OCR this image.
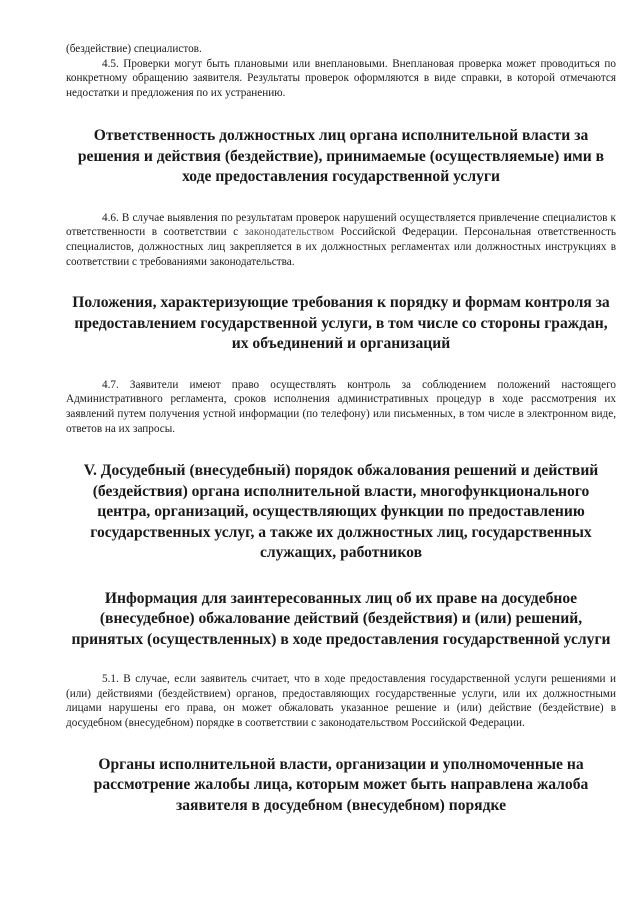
(бездействие) специалистов.

4.5. Проверки могут быть плановыми или внеплановыми. Внеплановая проверка может проводиться по конкретному обращению заявителя. Результаты проверок оформляются в виде справки, в которой отмечаются недостатки и предложения по их устранению.

Ответственность должностных лиц органа исполнительной власти за решения и действия (бездействие), принимаемые (осуществляемые) ими в ходе предоставления государственной услуги

4.6. В случае выявления по результатам проверок нарушений осуществляется привлечение специалистов к ответственности в соответствии с законодательством Российской Федерации. Персональная ответственность специалистов, должностных лиц закрепляется в их должностных регламентах или должностных инструкциях в соответствии с требованиями законодательства.

Положения, характеризующие требования к порядку и формам контроля за предоставлением государственной услуги, в том числе со стороны граждан, их объединений и организаций

4.7. Заявители имеют право осуществлять контроль за соблюдением положений настоящего Административного регламента, сроков исполнения административных процедур в ходе рассмотрения их заявлений путем получения устной информации (по телефону) или письменных, в том числе в электронном виде, ответов на их запросы.

V. Досудебный (внесудебный) порядок обжалования решений и действий (бездействия) органа исполнительной власти, многофункционального центра, организаций, осуществляющих функции по предоставлению государственных услуг, а также их должностных лиц, государственных служащих, работников

Информация для заинтересованных лиц об их праве на досудебное (внесудебное) обжалование действий (бездействия) и (или) решений, принятых (осуществленных) в ходе предоставления государственной услуги

5.1. В случае, если заявитель считает, что в ходе предоставления государственной услуги решениями и (или) действиями (бездействием) органов, предоставляющих государственные услуги, или их должностными лицами нарушены его права, он может обжаловать указанное решение и (или) действие (бездействие) в досудебном (внесудебном) порядке в соответствии с законодательством Российской Федерации.

Органы исполнительной власти, организации и уполномоченные на рассмотрение жалобы лица, которым может быть направлена жалоба заявителя в досудебном (внесудебном) порядке
